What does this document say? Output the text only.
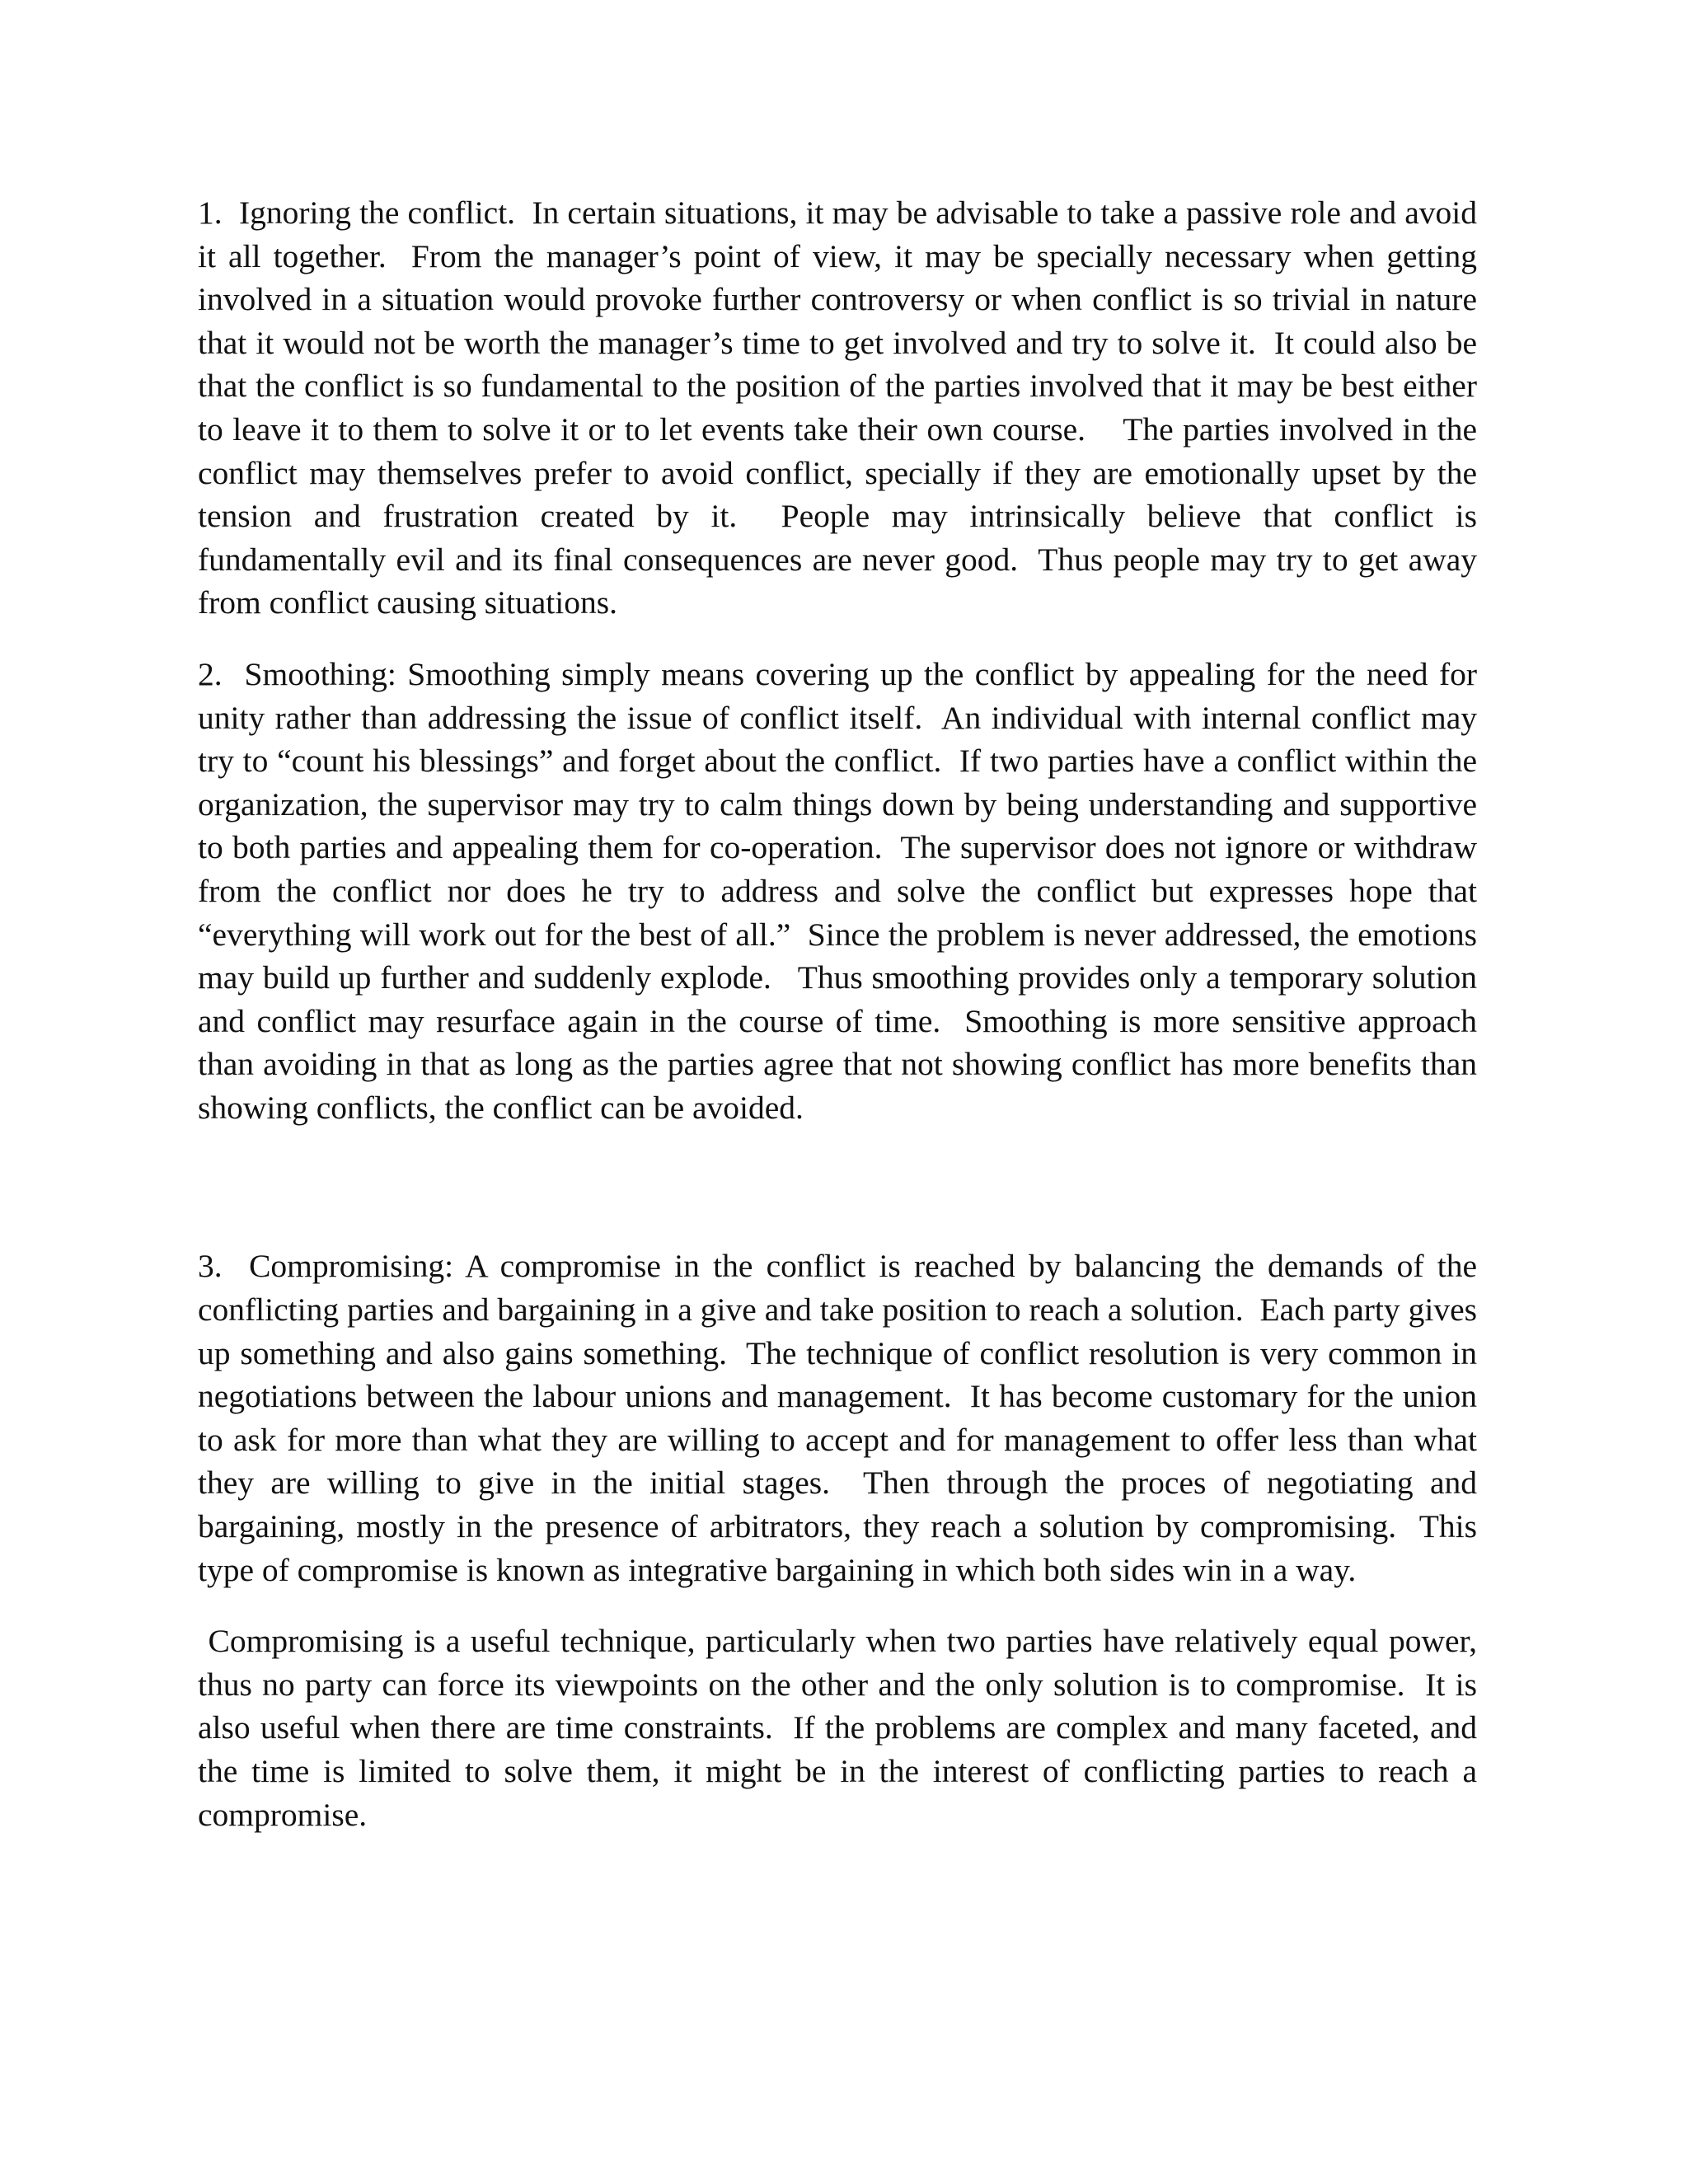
1.  Ignoring the conflict.  In certain situations, it may be advisable to take a passive role and avoid it all together.  From the manager’s point of view, it may be specially necessary when getting involved in a situation would provoke further controversy or when conflict is so trivial in nature that it would not be worth the manager’s time to get involved and try to solve it.  It could also be that the conflict is so fundamental to the position of the parties involved that it may be best either to leave it to them to solve it or to let events take their own course.    The parties involved in the conflict may themselves prefer to avoid conflict, specially if they are emotionally upset by the tension and frustration created by it.  People may intrinsically believe that conflict is fundamentally evil and its final consequences are never good.  Thus people may try to get away from conflict causing situations.

2.  Smoothing: Smoothing simply means covering up the conflict by appealing for the need for unity rather than addressing the issue of conflict itself.  An individual with internal conflict may try to “count his blessings” and forget about the conflict.  If two parties have a conflict within the organization, the supervisor may try to calm things down by being understanding and supportive to both parties and appealing them for co-operation.  The supervisor does not ignore or withdraw from the conflict nor does he try to address and solve the conflict but expresses hope that “everything will work out for the best of all.”  Since the problem is never addressed, the emotions may build up further and suddenly explode.   Thus smoothing provides only a temporary solution and conflict may resurface again in the course of time.  Smoothing is more sensitive approach than avoiding in that as long as the parties agree that not showing conflict has more benefits than showing conflicts, the conflict can be avoided.

3.  Compromising: A compromise in the conflict is reached by balancing the demands of the conflicting parties and bargaining in a give and take position to reach a solution.  Each party gives up something and also gains something.  The technique of conflict resolution is very common in negotiations between the labour unions and management.  It has become customary for the union to ask for more than what they are willing to accept and for management to offer less than what they are willing to give in the initial stages.  Then through the proces of negotiating and bargaining, mostly in the presence of arbitrators, they reach a solution by compromising.  This type of compromise is known as integrative bargaining in which both sides win in a way.

Compromising is a useful technique, particularly when two parties have relatively equal power, thus no party can force its viewpoints on the other and the only solution is to compromise.  It is also useful when there are time constraints.  If the problems are complex and many faceted, and the time is limited to solve them, it might be in the interest of conflicting parties to reach a compromise.
